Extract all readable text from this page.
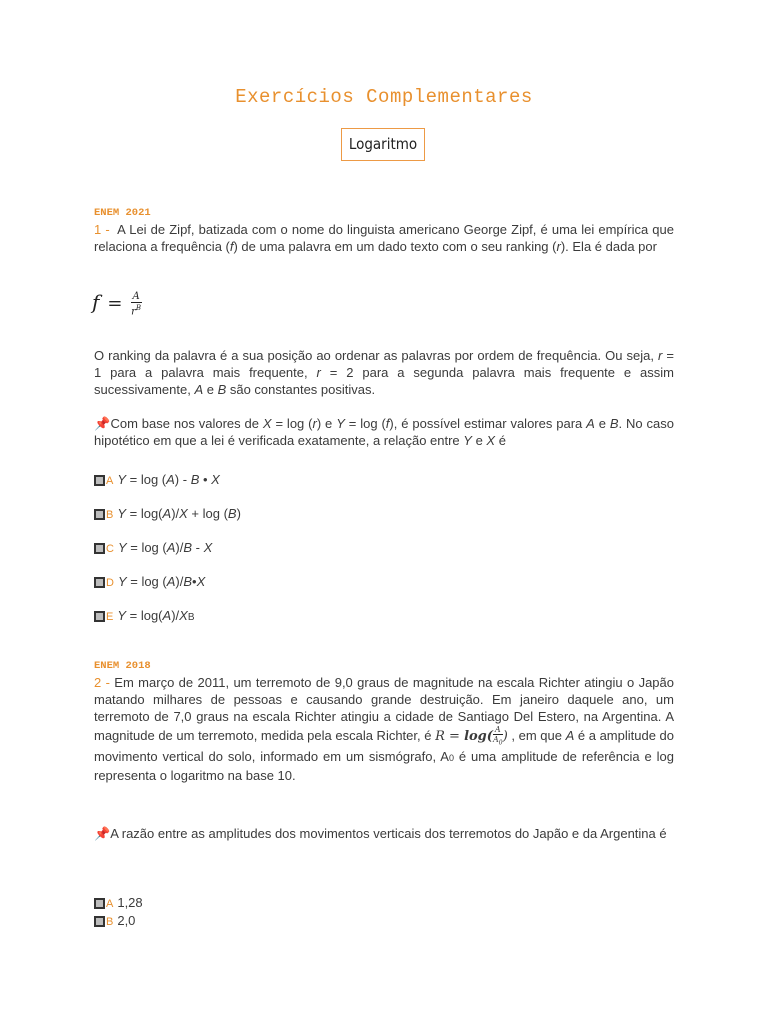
Exercícios Complementares
Logaritmo
ENEM 2021
1 -  A Lei de Zipf, batizada com o nome do linguista americano George Zipf, é uma lei empírica que relaciona a frequência (f) de uma palavra em um dado texto com o seu ranking (r). Ela é dada por
$f = \frac{A}{r^B}$
O ranking da palavra é a sua posição ao ordenar as palavras por ordem de frequência. Ou seja, r = 1 para a palavra mais frequente, r = 2 para a segunda palavra mais frequente e assim sucessivamente, A e B são constantes positivas.
📌Com base nos valores de X = log (r) e Y = log (f), é possível estimar valores para A e B. No caso hipotético em que a lei é verificada exatamente, a relação entre Y e X é
A Y = log (A) - B • X
B Y = log(A)/X + log (B)
C Y = log (A)/B - X
D Y = log (A)/B•X
E Y = log(A)/XB
ENEM 2018
2 - Em março de 2011, um terremoto de 9,0 graus de magnitude na escala Richter atingiu o Japão matando milhares de pessoas e causando grande destruição. Em janeiro daquele ano, um terremoto de 7,0 graus na escala Richter atingiu a cidade de Santiago Del Estero, na Argentina. A magnitude de um terremoto, medida pela escala Richter, é $R = \log( \frac{A}{A_0}$ ) , em que A é a amplitude do movimento vertical do solo, informado em um sismógrafo, A0 é uma amplitude de referência e log representa o logaritmo na base 10.
📌A razão entre as amplitudes dos movimentos verticais dos terremotos do Japão e da Argentina é
A 1,28
B 2,0
